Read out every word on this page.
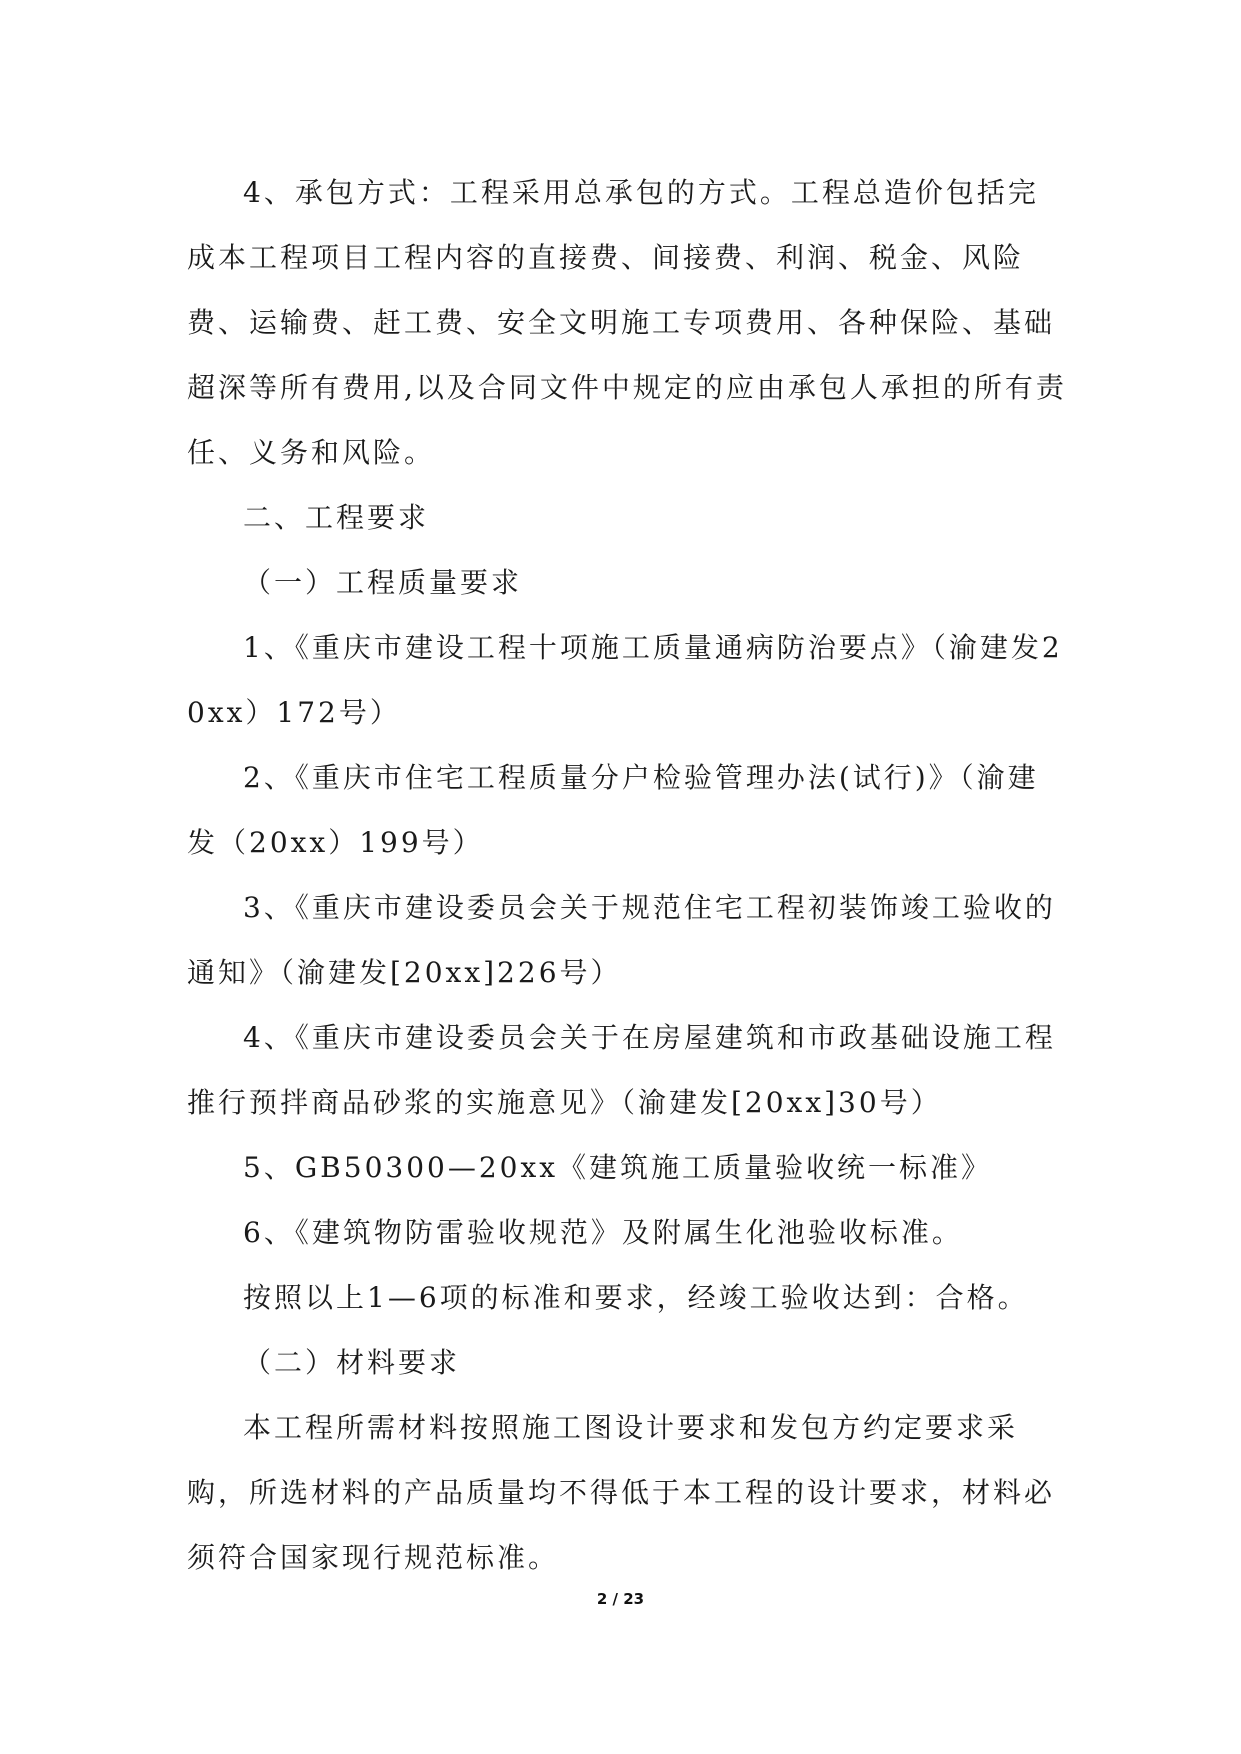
4、承包方式：工程采用总承包的方式。工程总造价包括完成本工程项目工程内容的直接费、间接费、利润、税金、风险费、运输费、赶工费、安全文明施工专项费用、各种保险、基础超深等所有费用,以及合同文件中规定的应由承包人承担的所有责任、义务和风险。

二、工程要求

（一）工程质量要求

1、《重庆市建设工程十项施工质量通病防治要点》（渝建发20xx）172号）

2、《重庆市住宅工程质量分户检验管理办法(试行)》（渝建发（20xx）199号）

3、《重庆市建设委员会关于规范住宅工程初装饰竣工验收的通知》（渝建发[20xx]226号）

4、《重庆市建设委员会关于在房屋建筑和市政基础设施工程推行预拌商品砂浆的实施意见》（渝建发[20xx]30号）

5、GB50300—20xx《建筑施工质量验收统一标准》

6、《建筑物防雷验收规范》及附属生化池验收标准。

按照以上1—6项的标准和要求，经竣工验收达到：合格。

（二）材料要求

本工程所需材料按照施工图设计要求和发包方约定要求采购，所选材料的产品质量均不得低于本工程的设计要求，材料必须符合国家现行规范标准。

2 / 23
